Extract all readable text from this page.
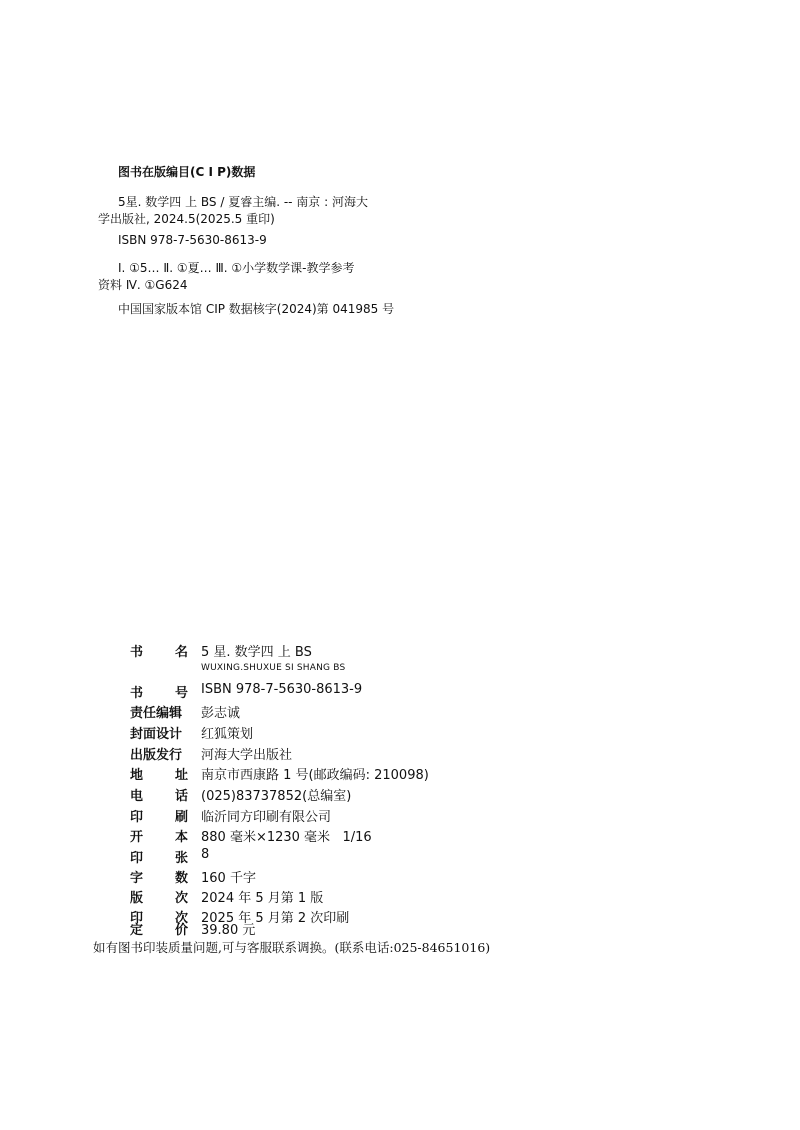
图书在版编目(C I P)数据
5星. 数学四 上 BS / 夏睿主编. -- 南京 : 河海大
学出版社, 2024.5(2025.5 重印)
ISBN 978-7-5630-8613-9
Ⅰ. ①5… Ⅱ. ①夏… Ⅲ. ①小学数学课-教学参考
资料 Ⅳ. ①G624
中国国家版本馆 CIP 数据核字(2024)第 041985 号
书 名 5 星. 数学四 上 BS
WUXING.SHUXUE SI SHANG BS
书 号 ISBN 978-7-5630-8613-9
责任编辑	彭志诚
封面设计	红狐策划
出版发行	河海大学出版社
地 址 南京市西康路 1 号(邮政编码: 210098)
电 话 (025)83737852(总编室)
印 刷 临沂同方印刷有限公司
开 本 880 毫米×1230 毫米   1/16
印 张 8
字 数 160 千字
版 次 2024 年 5 月第 1 版
印 次 2025 年 5 月第 2 次印刷
定 价 39.80 元
如有图书印装质量问题,可与客服联系调换。(联系电话:025-84651016)
